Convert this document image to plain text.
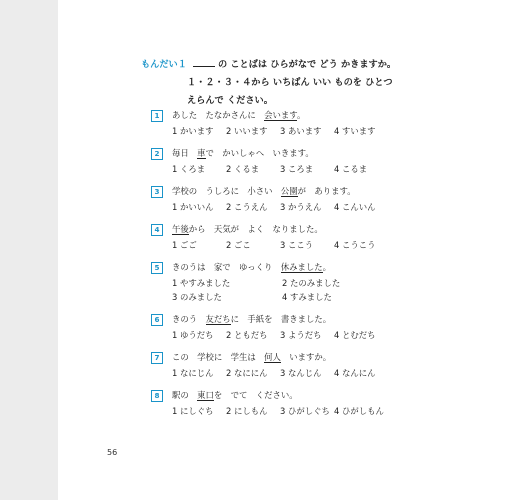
もんだい１	の ことばは ひらがなで どう かきますか。
１・２・３・４から いちばん いい ものを ひとつ
えらんで ください。
1	あした　たなかさんに　会います。
1 かいます 2 いいます 3 あいます 4 すいます
2	毎日　車で　かいしゃへ　いきます。
1 くろま 2 くるま 3 ころま 4 こるま
3	学校の　うしろに　小さい　公園が　あります。
1 かいいん 2 こうえん 3 かうえん 4 こんいん
4	午後から　天気が　よく　なりました。
1 ごご	2 ごこ	3 ここう 4 こうこう
5	きのうは　家で　ゆっくり　休みました。
1 やすみました	2 たのみました
3 のみました	4 すみました
6	きのう　友だちに　手紙を　書きました。
1 ゆうだち 2 ともだち 3 ようだち 4 とむだち
7	この　学校に　学生は　何人　いますか。
1 なにじん 2 なににん 3 なんじん 4 なんにん
8	駅の　東口を　でて　ください。
1 にしぐち 2 にしもん 3 ひがしぐち 4 ひがしもん
56
